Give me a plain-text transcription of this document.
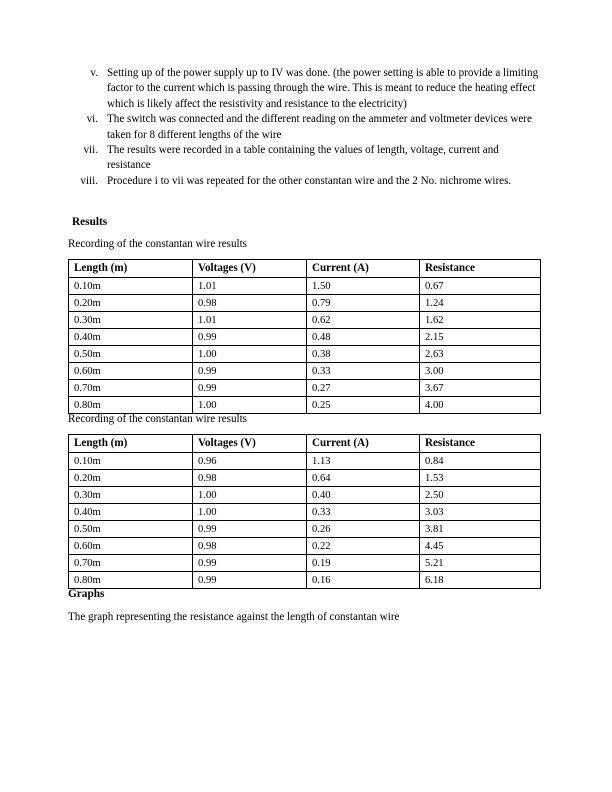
v. Setting up of the power supply up to IV was done. (the power setting is able to provide a limiting factor to the current which is passing through the wire. This is meant to reduce the heating effect which is likely affect the resistivity and resistance to the electricity)
vi. The switch was connected and the different reading on the ammeter and voltmeter devices were taken for 8 different lengths of the wire
vii. The results were recorded in a table containing the values of length, voltage, current and resistance
viii. Procedure i to vii was repeated for the other constantan wire and the 2 No. nichrome wires.
Results
Recording of the constantan wire results
Length (m)	Voltages (V)	Current (A)	Resistance
0.10m	1.01	1.50	0.67
0.20m	0.98	0.79	1.24
0.30m	1.01	0.62	1.62
0.40m	0.99	0.48	2.15
0.50m	1.00	0.38	2.63
0.60m	0.99	0.33	3.00
0.70m	0.99	0.27	3.67
0.80m	1.00	0.25	4.00
Recording of the constantan wire results
Length (m)	Voltages (V)	Current (A)	Resistance
0.10m	0.96	1.13	0.84
0.20m	0.98	0.64	1.53
0.30m	1.00	0.40	2.50
0.40m	1.00	0.33	3.03
0.50m	0.99	0.26	3.81
0.60m	0.98	0.22	4.45
0.70m	0.99	0.19	5.21
0.80m	0.99	0.16	6.18
Graphs
The graph representing the resistance against the length of constantan wire
